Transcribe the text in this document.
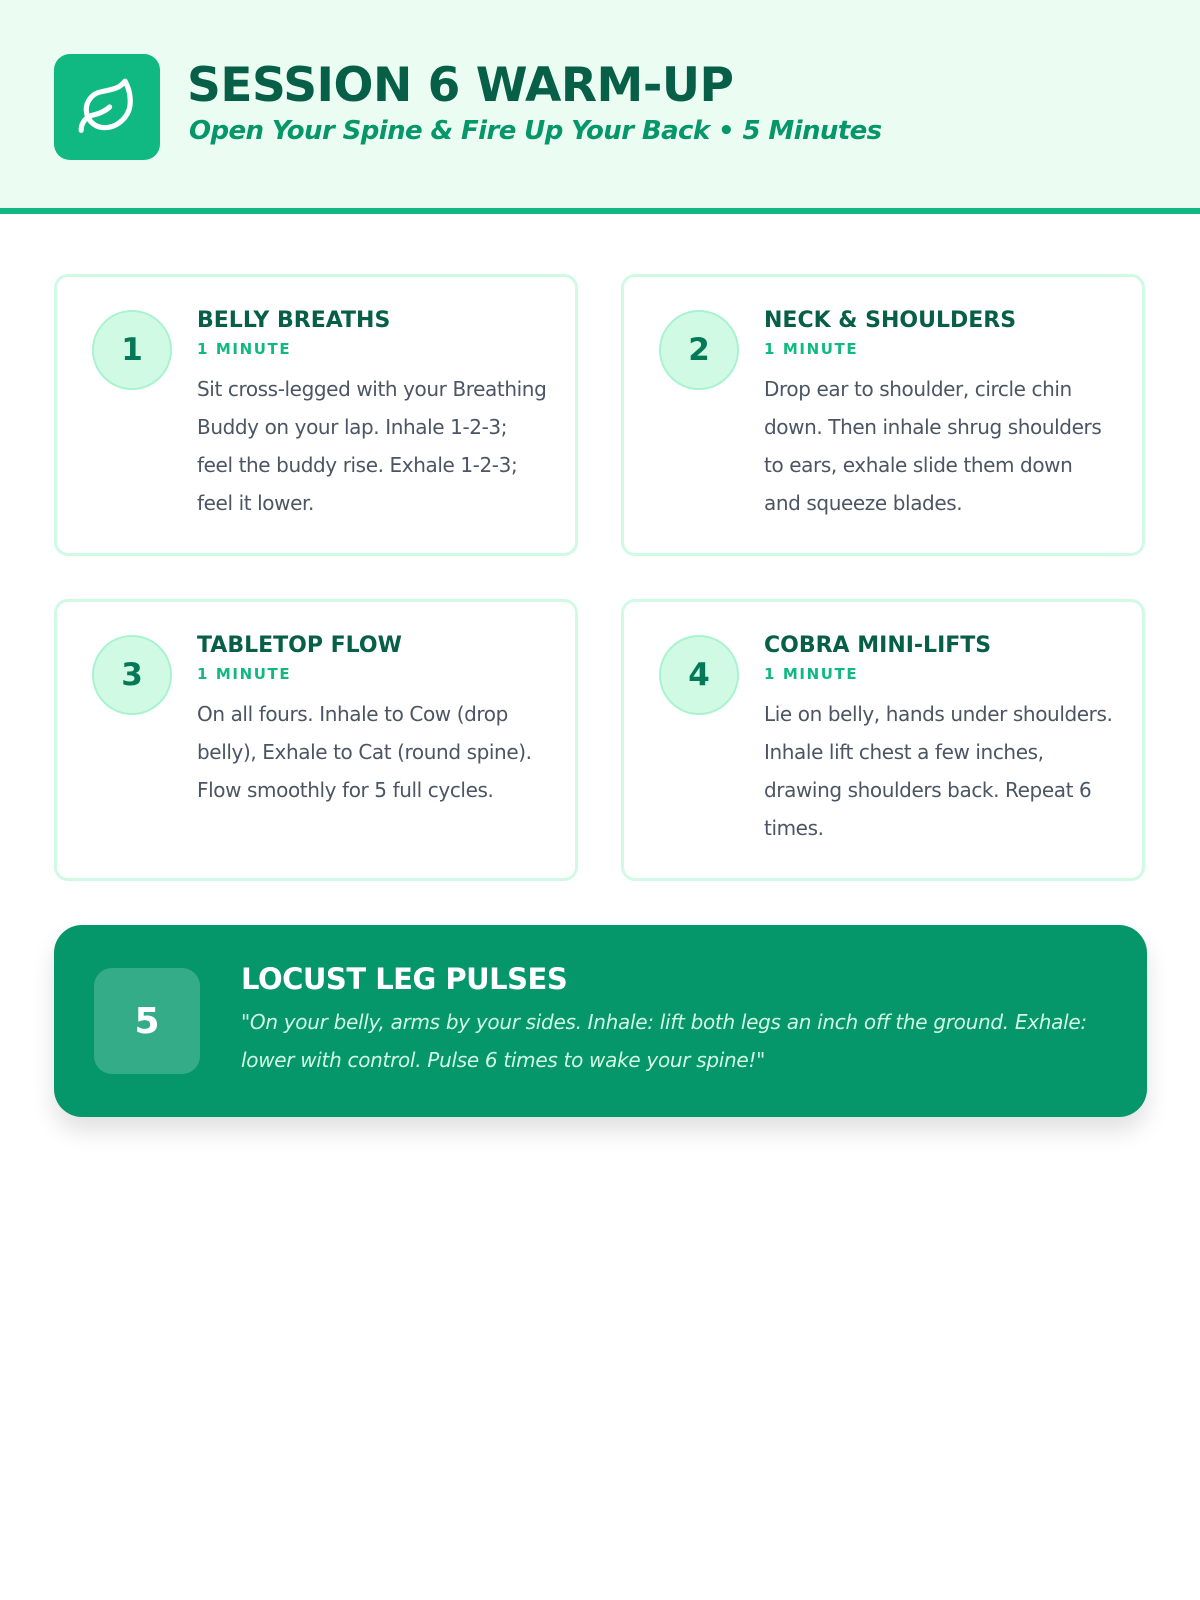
SESSION 6 WARM-UP
Open Your Spine & Fire Up Your Back • 5 Minutes
1
BELLY BREATHS
1 MINUTE
Sit cross-legged with your Breathing Buddy on your lap. Inhale 1-2-3; feel the buddy rise. Exhale 1-2-3; feel it lower.
2
NECK & SHOULDERS
1 MINUTE
Drop ear to shoulder, circle chin down. Then inhale shrug shoulders to ears, exhale slide them down and squeeze blades.
3
TABLETOP FLOW
1 MINUTE
On all fours. Inhale to Cow (drop belly), Exhale to Cat (round spine). Flow smoothly for 5 full cycles.
4
COBRA MINI-LIFTS
1 MINUTE
Lie on belly, hands under shoulders. Inhale lift chest a few inches, drawing shoulders back. Repeat 6 times.
5
LOCUST LEG PULSES
"On your belly, arms by your sides. Inhale: lift both legs an inch off the ground. Exhale: lower with control. Pulse 6 times to wake your spine!"
